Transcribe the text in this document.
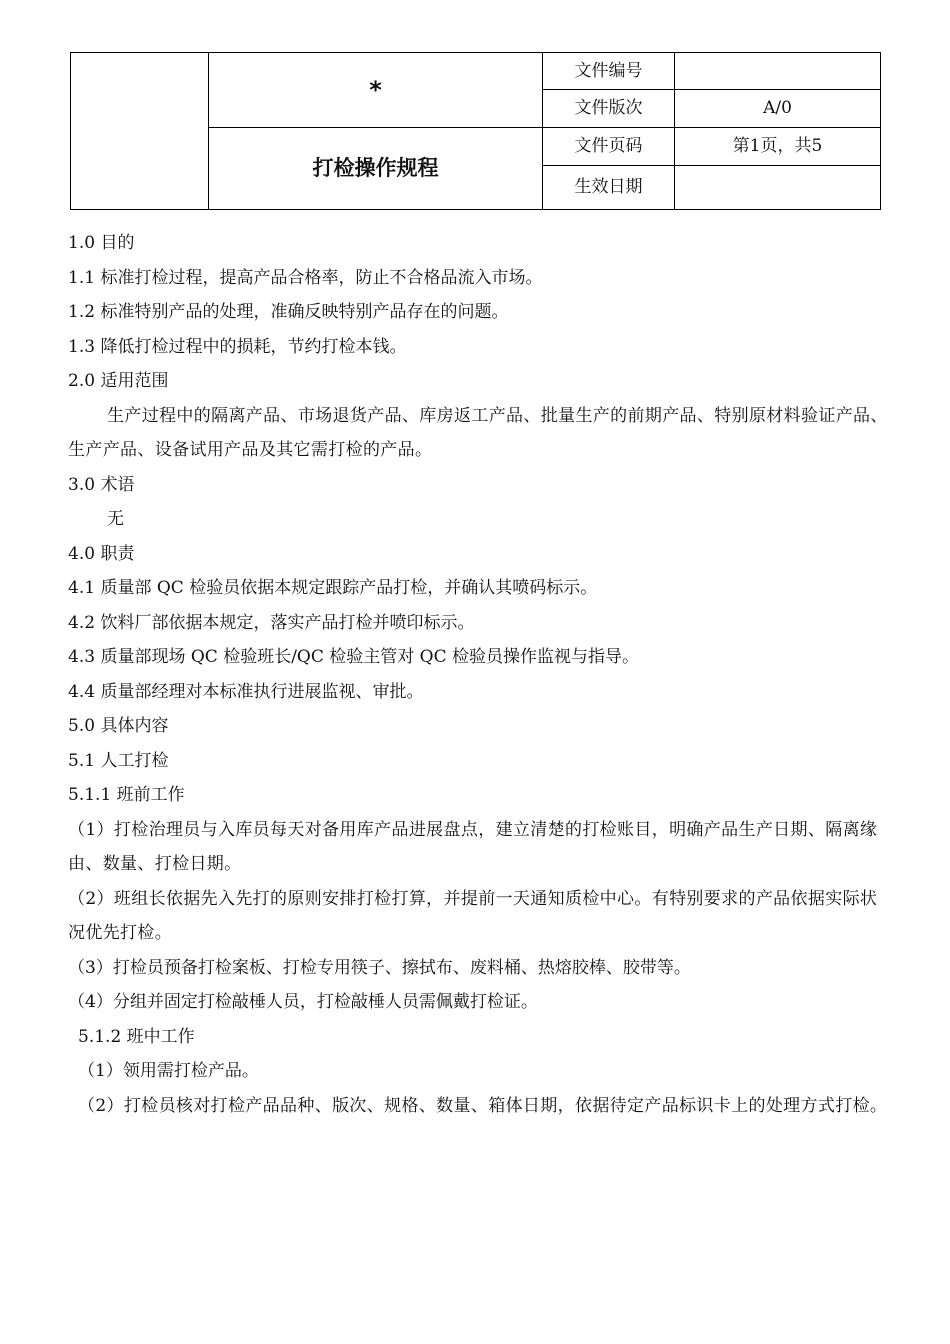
	*	文件编号	
		文件版次	A/0
	打检操作规程	文件页码	第1页，共5
		生效日期	

1.0 目的

1.1 标准打检过程，提高产品合格率，防止不合格品流入市场。

1.2 标准特别产品的处理，准确反映特别产品存在的问题。

1.3 降低打检过程中的损耗，节约打检本钱。

2.0 适用范围

生产过程中的隔离产品、市场退货产品、库房返工产品、批量生产的前期产品、特别原材料验证产品、生产产品、设备试用产品及其它需打检的产品。

3.0 术语

无

4.0 职责

4.1 质量部 QC 检验员依据本规定跟踪产品打检，并确认其喷码标示。

4.2 饮料厂部依据本规定，落实产品打检并喷印标示。

4.3 质量部现场 QC 检验班长/QC 检验主管对 QC 检验员操作监视与指导。

4.4 质量部经理对本标准执行进展监视、审批。

5.0 具体内容

5.1 人工打检

5.1.1 班前工作

（1）打检治理员与入库员每天对备用库产品进展盘点，建立清楚的打检账目，明确产品生产日期、隔离缘由、数量、打检日期。

（2）班组长依据先入先打的原则安排打检打算，并提前一天通知质检中心。有特别要求的产品依据实际状况优先打检。

（3）打检员预备打检案板、打检专用筷子、擦拭布、废料桶、热熔胶棒、胶带等。

（4）分组并固定打检敲棰人员，打检敲棰人员需佩戴打检证。

5.1.2 班中工作

（1）领用需打检产品。

（2）打检员核对打检产品品种、版次、规格、数量、箱体日期，依据待定产品标识卡上的处理方式打检。
